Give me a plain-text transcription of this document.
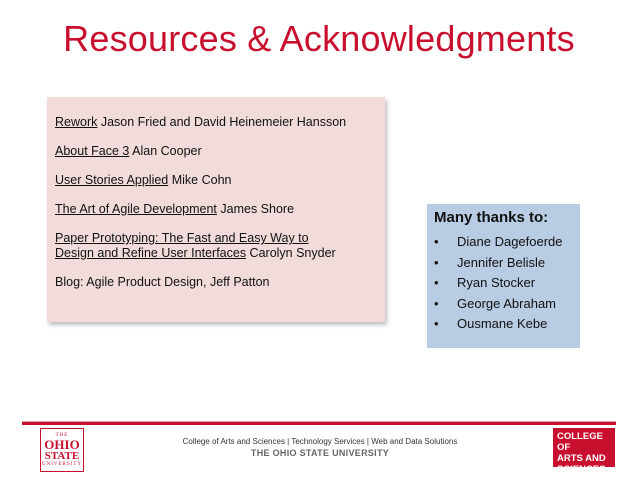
Resources & Acknowledgments
Rework Jason Fried and David Heinemeier Hansson
About Face 3 Alan Cooper
User Stories Applied Mike Cohn
The Art of Agile Development James Shore
Paper Prototyping: The Fast and Easy Way to
Design and Refine User Interfaces Carolyn Snyder
Blog: Agile Product Design, Jeff Patton
Many thanks to:
• Diane Dagefoerde
• Jennifer Belisle
• Ryan Stocker
• George Abraham
• Ousmane Kebe
THE
OHIO
STATE
UNIVERSITY
College of Arts and Sciences | Technology Services | Web and Data Solutions
THE OHIO STATE UNIVERSITY
COLLEGE OF
ARTS AND
SCIENCES
